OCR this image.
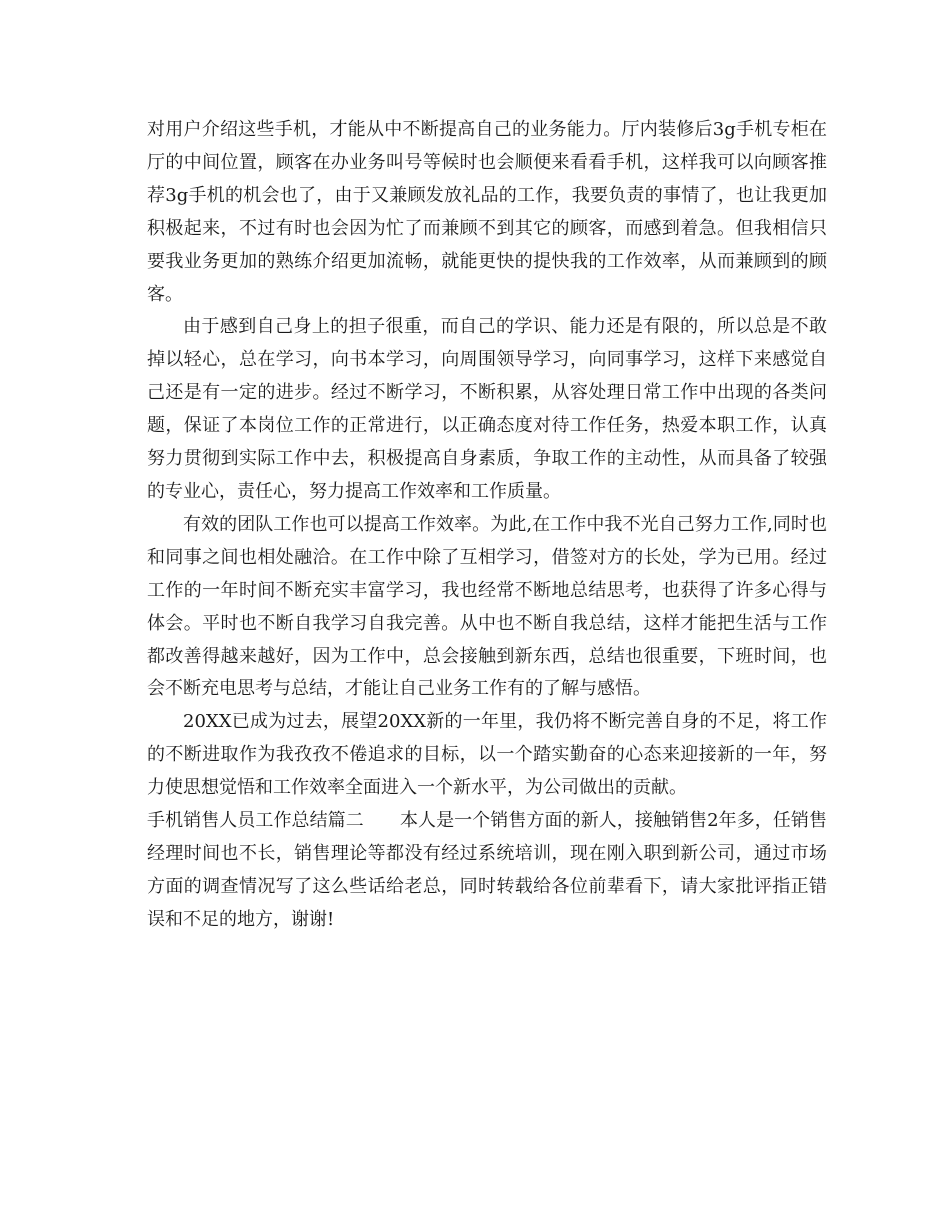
对用户介绍这些手机，才能从中不断提高自己的业务能力。厅内装修后3g手机专柜在厅的中间位置，顾客在办业务叫号等候时也会顺便来看看手机，这样我可以向顾客推荐3g手机的机会也了，由于又兼顾发放礼品的工作，我要负责的事情了，也让我更加积极起来，不过有时也会因为忙了而兼顾不到其它的顾客，而感到着急。但我相信只要我业务更加的熟练介绍更加流畅，就能更快的提快我的工作效率，从而兼顾到的顾客。

由于感到自己身上的担子很重，而自己的学识、能力还是有限的，所以总是不敢掉以轻心，总在学习，向书本学习，向周围领导学习，向同事学习，这样下来感觉自己还是有一定的进步。经过不断学习，不断积累，从容处理日常工作中出现的各类问题，保证了本岗位工作的正常进行，以正确态度对待工作任务，热爱本职工作，认真努力贯彻到实际工作中去，积极提高自身素质，争取工作的主动性，从而具备了较强的专业心，责任心，努力提高工作效率和工作质量。

有效的团队工作也可以提高工作效率。为此,在工作中我不光自己努力工作,同时也和同事之间也相处融洽。在工作中除了互相学习，借签对方的长处，学为已用。经过工作的一年时间不断充实丰富学习，我也经常不断地总结思考，也获得了许多心得与体会。平时也不断自我学习自我完善。从中也不断自我总结，这样才能把生活与工作都改善得越来越好，因为工作中，总会接触到新东西，总结也很重要，下班时间，也会不断充电思考与总结，才能让自己业务工作有的了解与感悟。

20XX已成为过去，展望20XX新的一年里，我仍将不断完善自身的不足，将工作的不断进取作为我孜孜不倦追求的目标，以一个踏实勤奋的心态来迎接新的一年，努力使思想觉悟和工作效率全面进入一个新水平，为公司做出的贡献。

手机销售人员工作总结篇二　　本人是一个销售方面的新人，接触销售2年多，任销售经理时间也不长，销售理论等都没有经过系统培训，现在刚入职到新公司，通过市场方面的调查情况写了这么些话给老总，同时转载给各位前辈看下，请大家批评指正错误和不足的地方，谢谢!
